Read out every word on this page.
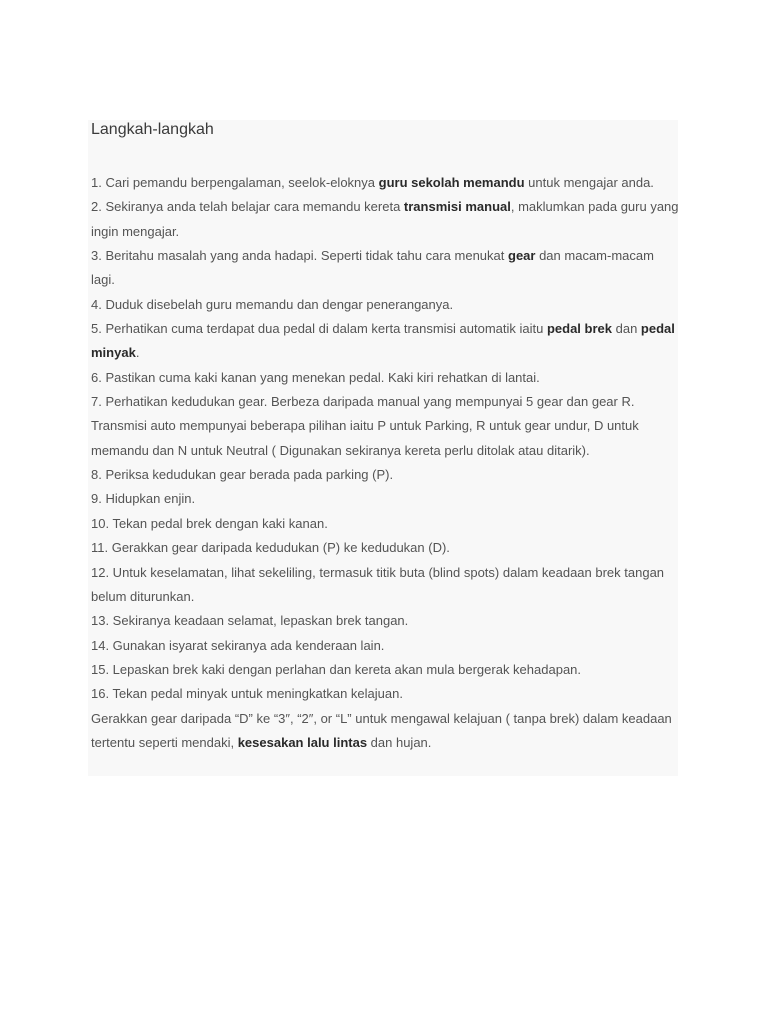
Langkah-langkah
1. Cari pemandu berpengalaman, seelok-eloknya guru sekolah memandu untuk mengajar anda.
2. Sekiranya anda telah belajar cara memandu kereta transmisi manual, maklumkan pada guru yang ingin mengajar.
3. Beritahu masalah yang anda hadapi. Seperti tidak tahu cara menukat gear dan macam-macam lagi.
4. Duduk disebelah guru memandu dan dengar peneranganya.
5. Perhatikan cuma terdapat dua pedal di dalam kerta transmisi automatik iaitu pedal brek dan pedal minyak.
6. Pastikan cuma kaki kanan yang menekan pedal. Kaki kiri rehatkan di lantai.
7. Perhatikan kedudukan gear. Berbeza daripada manual yang mempunyai 5 gear dan gear R. Transmisi auto mempunyai beberapa pilihan iaitu P untuk Parking, R untuk gear undur, D untuk memandu dan N untuk Neutral ( Digunakan sekiranya kereta perlu ditolak atau ditarik).
8. Periksa kedudukan gear berada pada parking (P).
9. Hidupkan enjin.
10. Tekan pedal brek dengan kaki kanan.
11. Gerakkan gear daripada kedudukan (P) ke kedudukan (D).
12. Untuk keselamatan, lihat sekeliling, termasuk titik buta (blind spots) dalam keadaan brek tangan belum diturunkan.
13. Sekiranya keadaan selamat, lepaskan brek tangan.
14. Gunakan isyarat sekiranya ada kenderaan lain.
15. Lepaskan brek kaki dengan perlahan dan kereta akan mula bergerak kehadapan.
16. Tekan pedal minyak untuk meningkatkan kelajuan.
Gerakkan gear daripada “D” ke “3″, “2″, or “L” untuk mengawal kelajuan ( tanpa brek) dalam keadaan tertentu seperti mendaki, kesesakan lalu lintas dan hujan.
